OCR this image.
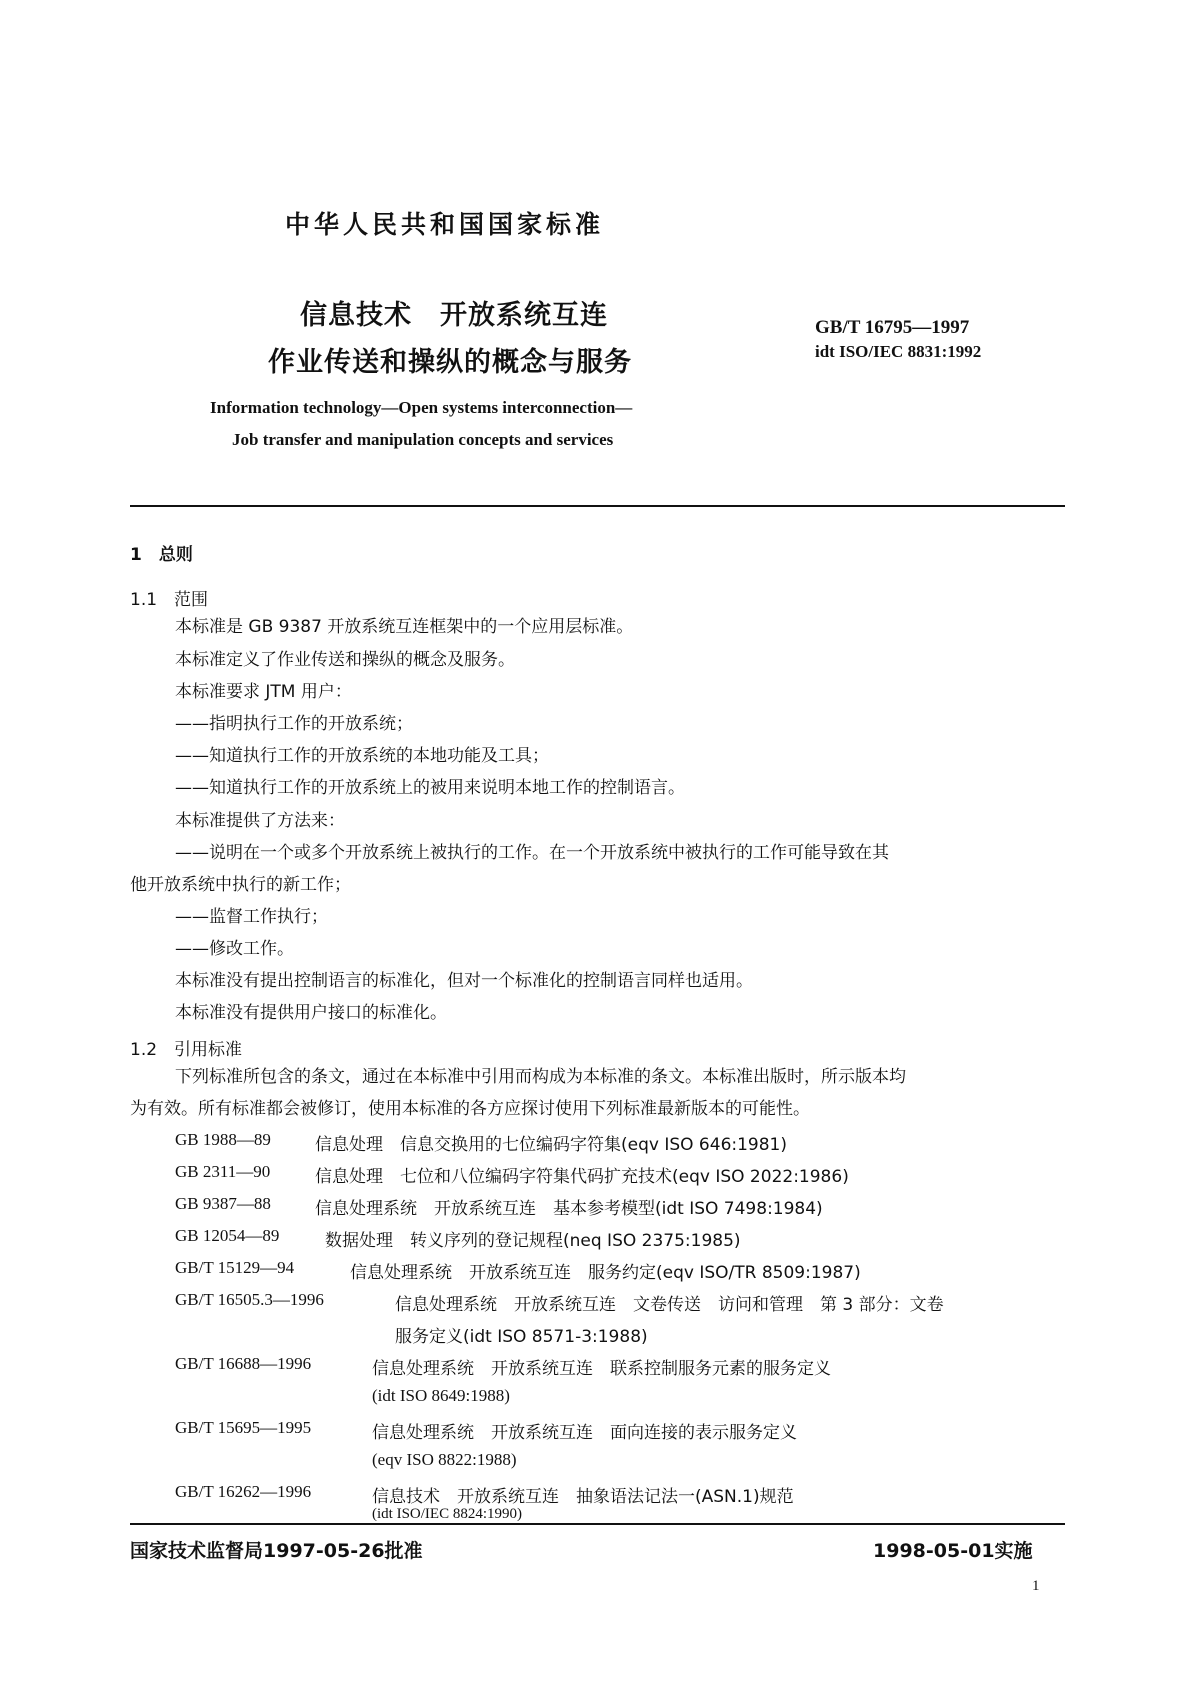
中华人民共和国国家标准
信息技术　开放系统互连
作业传送和操纵的概念与服务
GB/T 16795—1997
idt ISO/IEC 8831:1992
Information technology—Open systems interconnection—
Job transfer and manipulation concepts and services
1　总则
1.1　范围
本标准是 GB 9387 开放系统互连框架中的一个应用层标准。
本标准定义了作业传送和操纵的概念及服务。
本标准要求 JTM 用户：
——指明执行工作的开放系统；
——知道执行工作的开放系统的本地功能及工具；
——知道执行工作的开放系统上的被用来说明本地工作的控制语言。
本标准提供了方法来：
——说明在一个或多个开放系统上被执行的工作。在一个开放系统中被执行的工作可能导致在其
他开放系统中执行的新工作；
——监督工作执行；
——修改工作。
本标准没有提出控制语言的标准化，但对一个标准化的控制语言同样也适用。
本标准没有提供用户接口的标准化。
1.2　引用标准
下列标准所包含的条文，通过在本标准中引用而构成为本标准的条文。本标准出版时，所示版本均
为有效。所有标准都会被修订，使用本标准的各方应探讨使用下列标准最新版本的可能性。
GB 1988—89	信息处理　信息交换用的七位编码字符集(eqv ISO 646:1981)
GB 2311—90	信息处理　七位和八位编码字符集代码扩充技术(eqv ISO 2022:1986)
GB 9387—88	信息处理系统　开放系统互连　基本参考模型(idt ISO 7498:1984)
GB 12054—89	数据处理　转义序列的登记规程(neq ISO 2375:1985)
GB/T 15129—94	信息处理系统　开放系统互连　服务约定(eqv ISO/TR 8509:1987)
GB/T 16505.3—1996	信息处理系统　开放系统互连　文卷传送　访问和管理　第 3 部分：文卷
服务定义(idt ISO 8571-3:1988)
GB/T 16688—1996	信息处理系统　开放系统互连　联系控制服务元素的服务定义
(idt ISO 8649:1988)
GB/T 15695—1995	信息处理系统　开放系统互连　面向连接的表示服务定义
(eqv ISO 8822:1988)
GB/T 16262—1996	信息技术　开放系统互连　抽象语法记法一(ASN.1)规范
(idt ISO/IEC 8824:1990)
国家技术监督局1997-05-26批准	1998-05-01实施
1
